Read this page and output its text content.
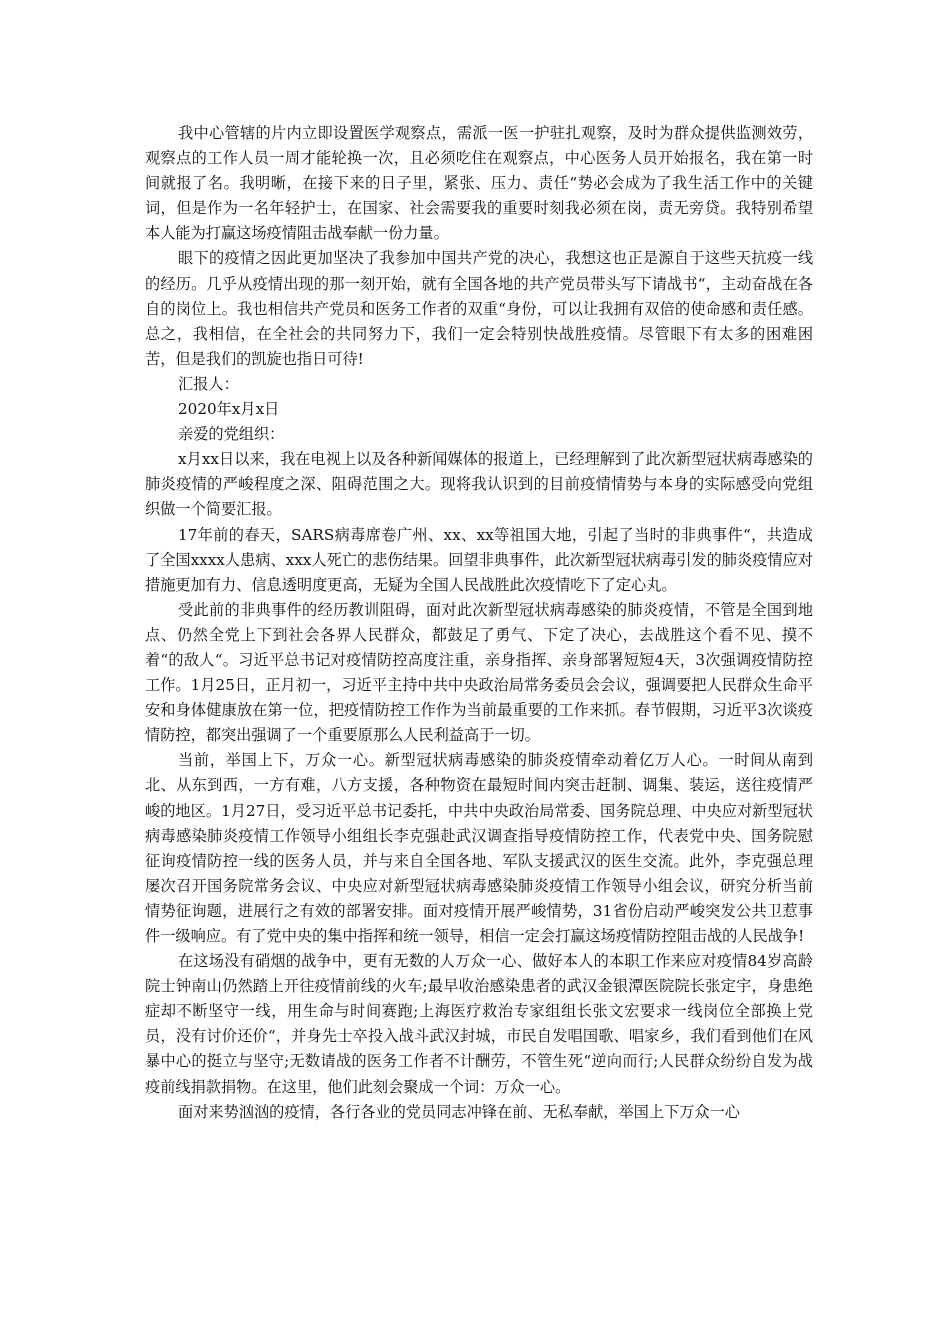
我中心管辖的片内立即设置医学观察点，需派一医一护驻扎观察，及时为群众提供监测效劳，观察点的工作人员一周才能轮换一次，且必须吃住在观察点，中心医务人员开始报名，我在第一时间就报了名。我明晰，在接下来的日子里，紧张、压力、责任“势必会成为了我生活工作中的关键词，但是作为一名年轻护士，在国家、社会需要我的重要时刻我必须在岗，责无旁贷。我特别希望本人能为打赢这场疫情阻击战奉献一份力量。

眼下的疫情之因此更加坚决了我参加中国共产党的决心，我想这也正是源自于这些天抗疫一线的经历。几乎从疫情出现的那一刻开始，就有全国各地的共产党员带头写下请战书“，主动奋战在各自的岗位上。我也相信共产党员和医务工作者的双重“身份，可以让我拥有双倍的使命感和责任感。总之，我相信，在全社会的共同努力下，我们一定会特别快战胜疫情。尽管眼下有太多的困难困苦，但是我们的凯旋也指日可待!

汇报人：

2020年x月x日

亲爱的党组织：

x月xx日以来，我在电视上以及各种新闻媒体的报道上，已经理解到了此次新型冠状病毒感染的肺炎疫情的严峻程度之深、阻碍范围之大。现将我认识到的目前疫情情势与本身的实际感受向党组织做一个简要汇报。

17年前的春天，SARS病毒席卷广州、xx、xx等祖国大地，引起了当时的非典事件“，共造成了全国xxxx人患病、xxx人死亡的悲伤结果。回望非典事件，此次新型冠状病毒引发的肺炎疫情应对措施更加有力、信息透明度更高，无疑为全国人民战胜此次疫情吃下了定心丸。

受此前的非典事件的经历教训阻碍，面对此次新型冠状病毒感染的肺炎疫情，不管是全国到地点、仍然全党上下到社会各界人民群众，都鼓足了勇气、下定了决心，去战胜这个看不见、摸不着“的敌人“。习近平总书记对疫情防控高度注重，亲身指挥、亲身部署短短4天，3次强调疫情防控工作。1月25日，正月初一，习近平主持中共中央政治局常务委员会会议，强调要把人民群众生命平安和身体健康放在第一位，把疫情防控工作作为当前最重要的工作来抓。春节假期，习近平3次谈疫情防控，都突出强调了一个重要原那么人民利益高于一切。

当前，举国上下，万众一心。新型冠状病毒感染的肺炎疫情牵动着亿万人心。一时间从南到北、从东到西，一方有难，八方支援，各种物资在最短时间内突击赶制、调集、装运，送往疫情严峻的地区。1月27日，受习近平总书记委托，中共中央政治局常委、国务院总理、中央应对新型冠状病毒感染肺炎疫情工作领导小组组长李克强赴武汉调查指导疫情防控工作，代表党中央、国务院慰征询疫情防控一线的医务人员，并与来自全国各地、军队支援武汉的医生交流。此外，李克强总理屡次召开国务院常务会议、中央应对新型冠状病毒感染肺炎疫情工作领导小组会议，研究分析当前情势征询题，进展行之有效的部署安排。面对疫情开展严峻情势，31省份启动严峻突发公共卫惹事件一级响应。有了党中央的集中指挥和统一领导，相信一定会打赢这场疫情防控阻击战的人民战争!

在这场没有硝烟的战争中，更有无数的人万众一心、做好本人的本职工作来应对疫情84岁高龄院士钟南山仍然踏上开往疫情前线的火车;最早收治感染患者的武汉金银潭医院院长张定宇，身患绝症却不断坚守一线，用生命与时间赛跑;上海医疗救治专家组组长张文宏要求一线岗位全部换上党员，没有讨价还价“，并身先士卒投入战斗武汉封城，市民自发唱国歌、唱家乡，我们看到他们在风暴中心的挺立与坚守;无数请战的医务工作者不计酬劳，不管生死“逆向而行;人民群众纷纷自发为战疫前线捐款捐物。在这里，他们此刻会聚成一个词：万众一心。

面对来势汹汹的疫情，各行各业的党员同志冲锋在前、无私奉献，举国上下万众一心
